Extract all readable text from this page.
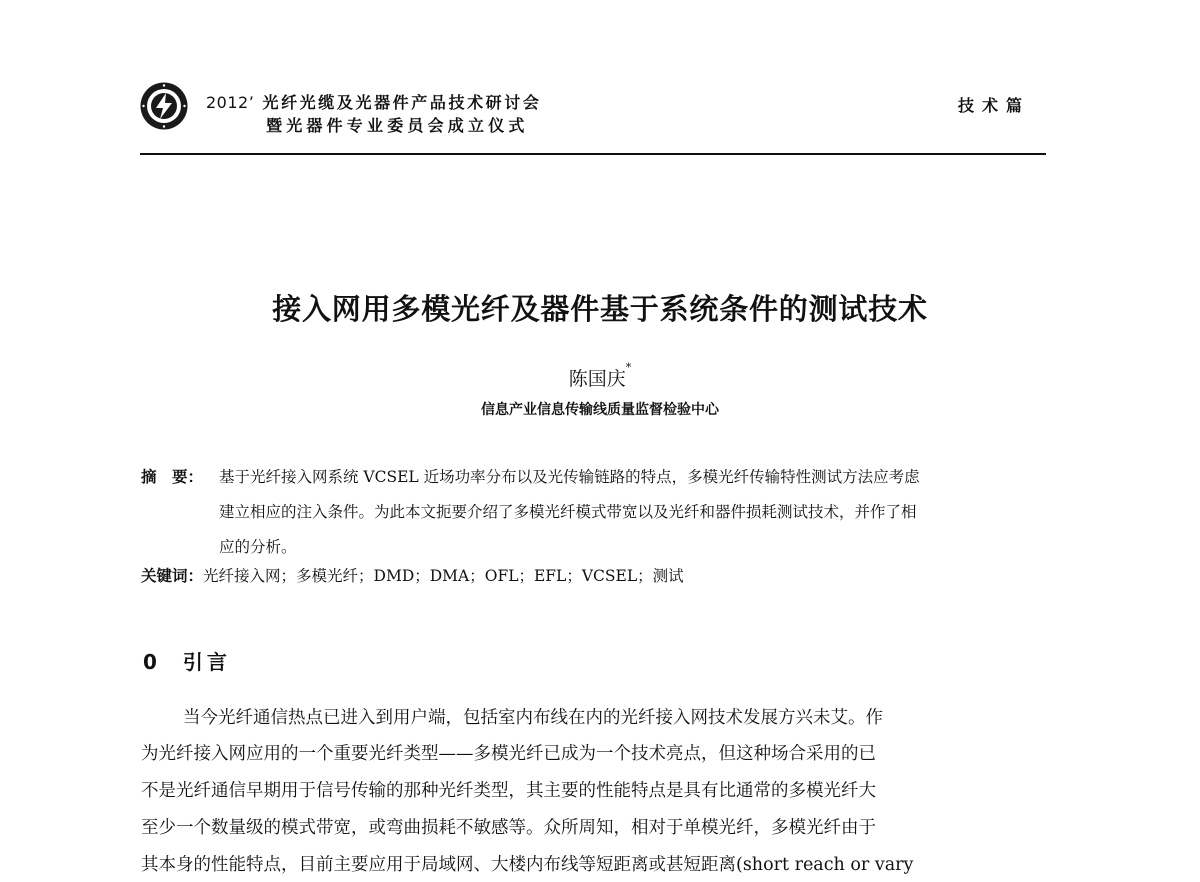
2012’ 光纤光缆及光器件产品技术研讨会
暨光器件专业委员会成立仪式
技术篇
接入网用多模光纤及器件基于系统条件的测试技术
陈国庆*
信息产业信息传输线质量监督检验中心
摘　要： 基于光纤接入网系统 VCSEL 近场功率分布以及光传输链路的特点，多模光纤传输特性测试方法应考虑
建立相应的注入条件。为此本文扼要介绍了多模光纤模式带宽以及光纤和器件损耗测试技术，并作了相
应的分析。
关键词：光纤接入网；多模光纤；DMD；DMA；OFL；EFL；VCSEL；测试
0 引言
当今光纤通信热点已进入到用户端，包括室内布线在内的光纤接入网技术发展方兴未艾。作
为光纤接入网应用的一个重要光纤类型——多模光纤已成为一个技术亮点，但这种场合采用的已
不是光纤通信早期用于信号传输的那种光纤类型，其主要的性能特点是具有比通常的多模光纤大
至少一个数量级的模式带宽，或弯曲损耗不敏感等。众所周知，相对于单模光纤，多模光纤由于
其本身的性能特点，目前主要应用于局域网、大楼内布线等短距离或甚短距离(short reach or vary
